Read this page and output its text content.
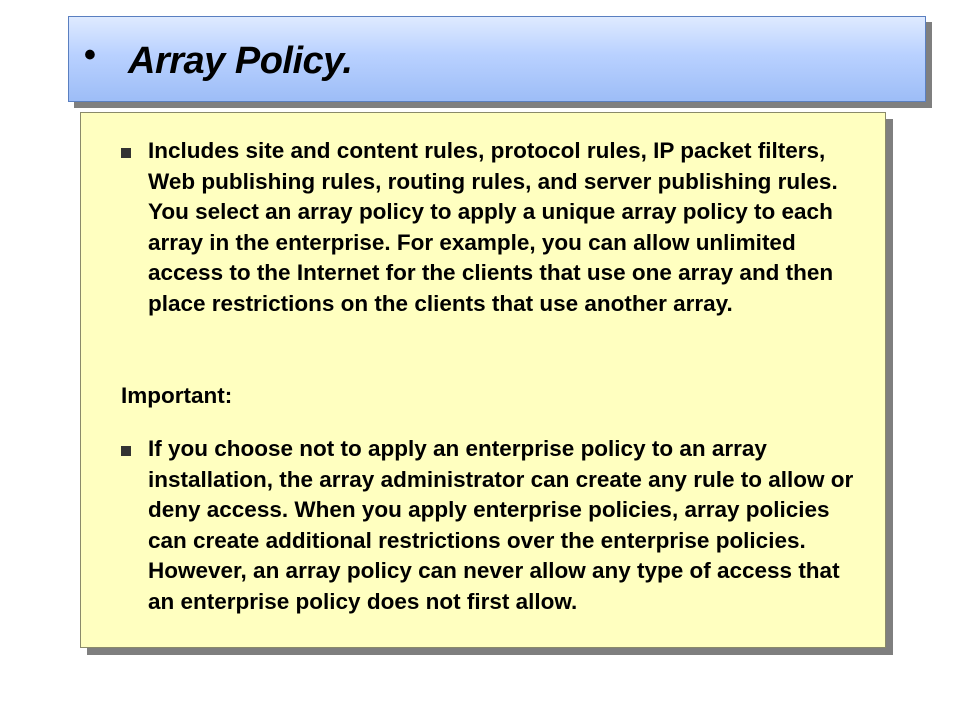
• Array Policy.
Includes site and content rules, protocol rules, IP packet filters, Web publishing rules, routing rules, and server publishing rules. You select an array policy to apply a unique array policy to each array in the enterprise. For example, you can allow unlimited access to the Internet for the clients that use one array and then place restrictions on the clients that use another array.
Important:
If you choose not to apply an enterprise policy to an array installation, the array administrator can create any rule to allow or deny access. When you apply enterprise policies, array policies can create additional restrictions over the enterprise policies. However, an array policy can never allow any type of access that an enterprise policy does not first allow.
